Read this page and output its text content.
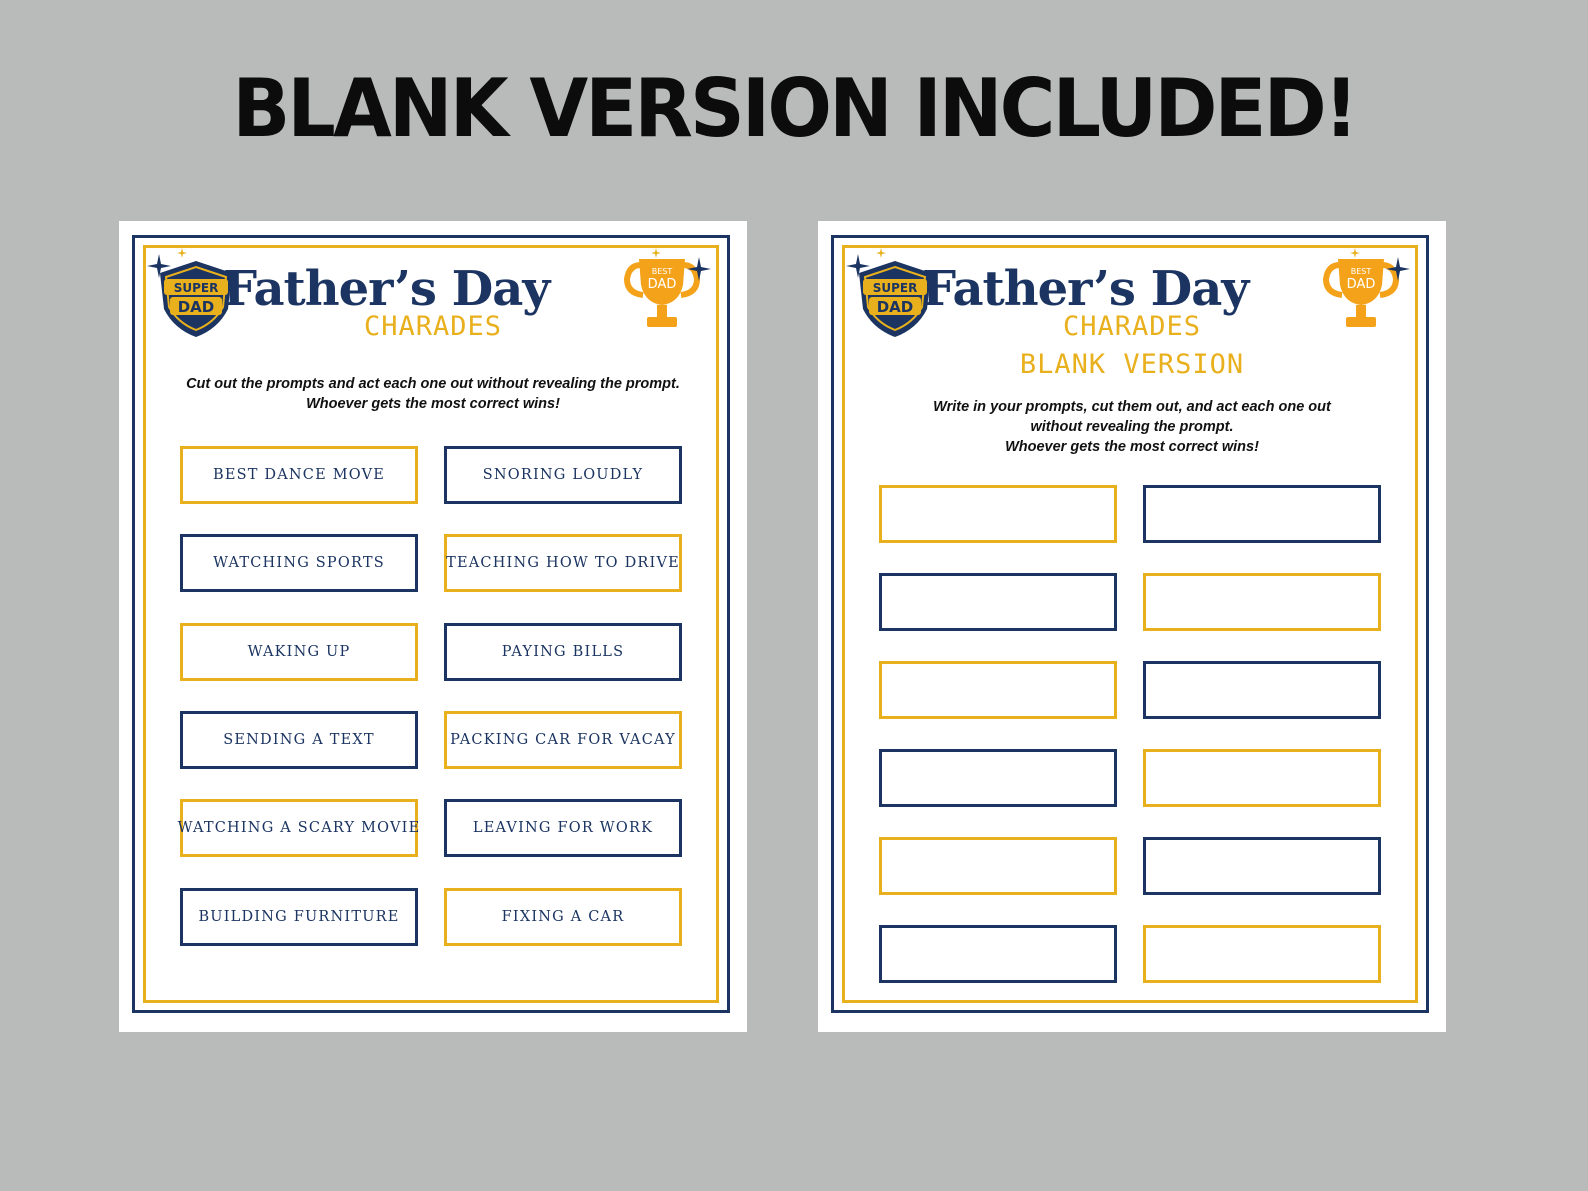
BLANK VERSION INCLUDED!
SUPER
DAD Father’s Day
CHARADES
BEST
DAD
Cut out the prompts and act each one out without revealing the prompt.
Whoever gets the most correct wins!
BEST DANCE MOVE	SNORING LOUDLY
WATCHING SPORTS	TEACHING HOW TO DRIVE
WAKING UP	PAYING BILLS
SENDING A TEXT	PACKING CAR FOR VACAY
WATCHING A SCARY MOVIE	LEAVING FOR WORK
BUILDING FURNITURE	FIXING A CAR
SUPER
DAD Father’s Day
CHARADES
BLANK VERSION
BEST
DAD
Write in your prompts, cut them out, and act each one out
without revealing the prompt.
Whoever gets the most correct wins!
